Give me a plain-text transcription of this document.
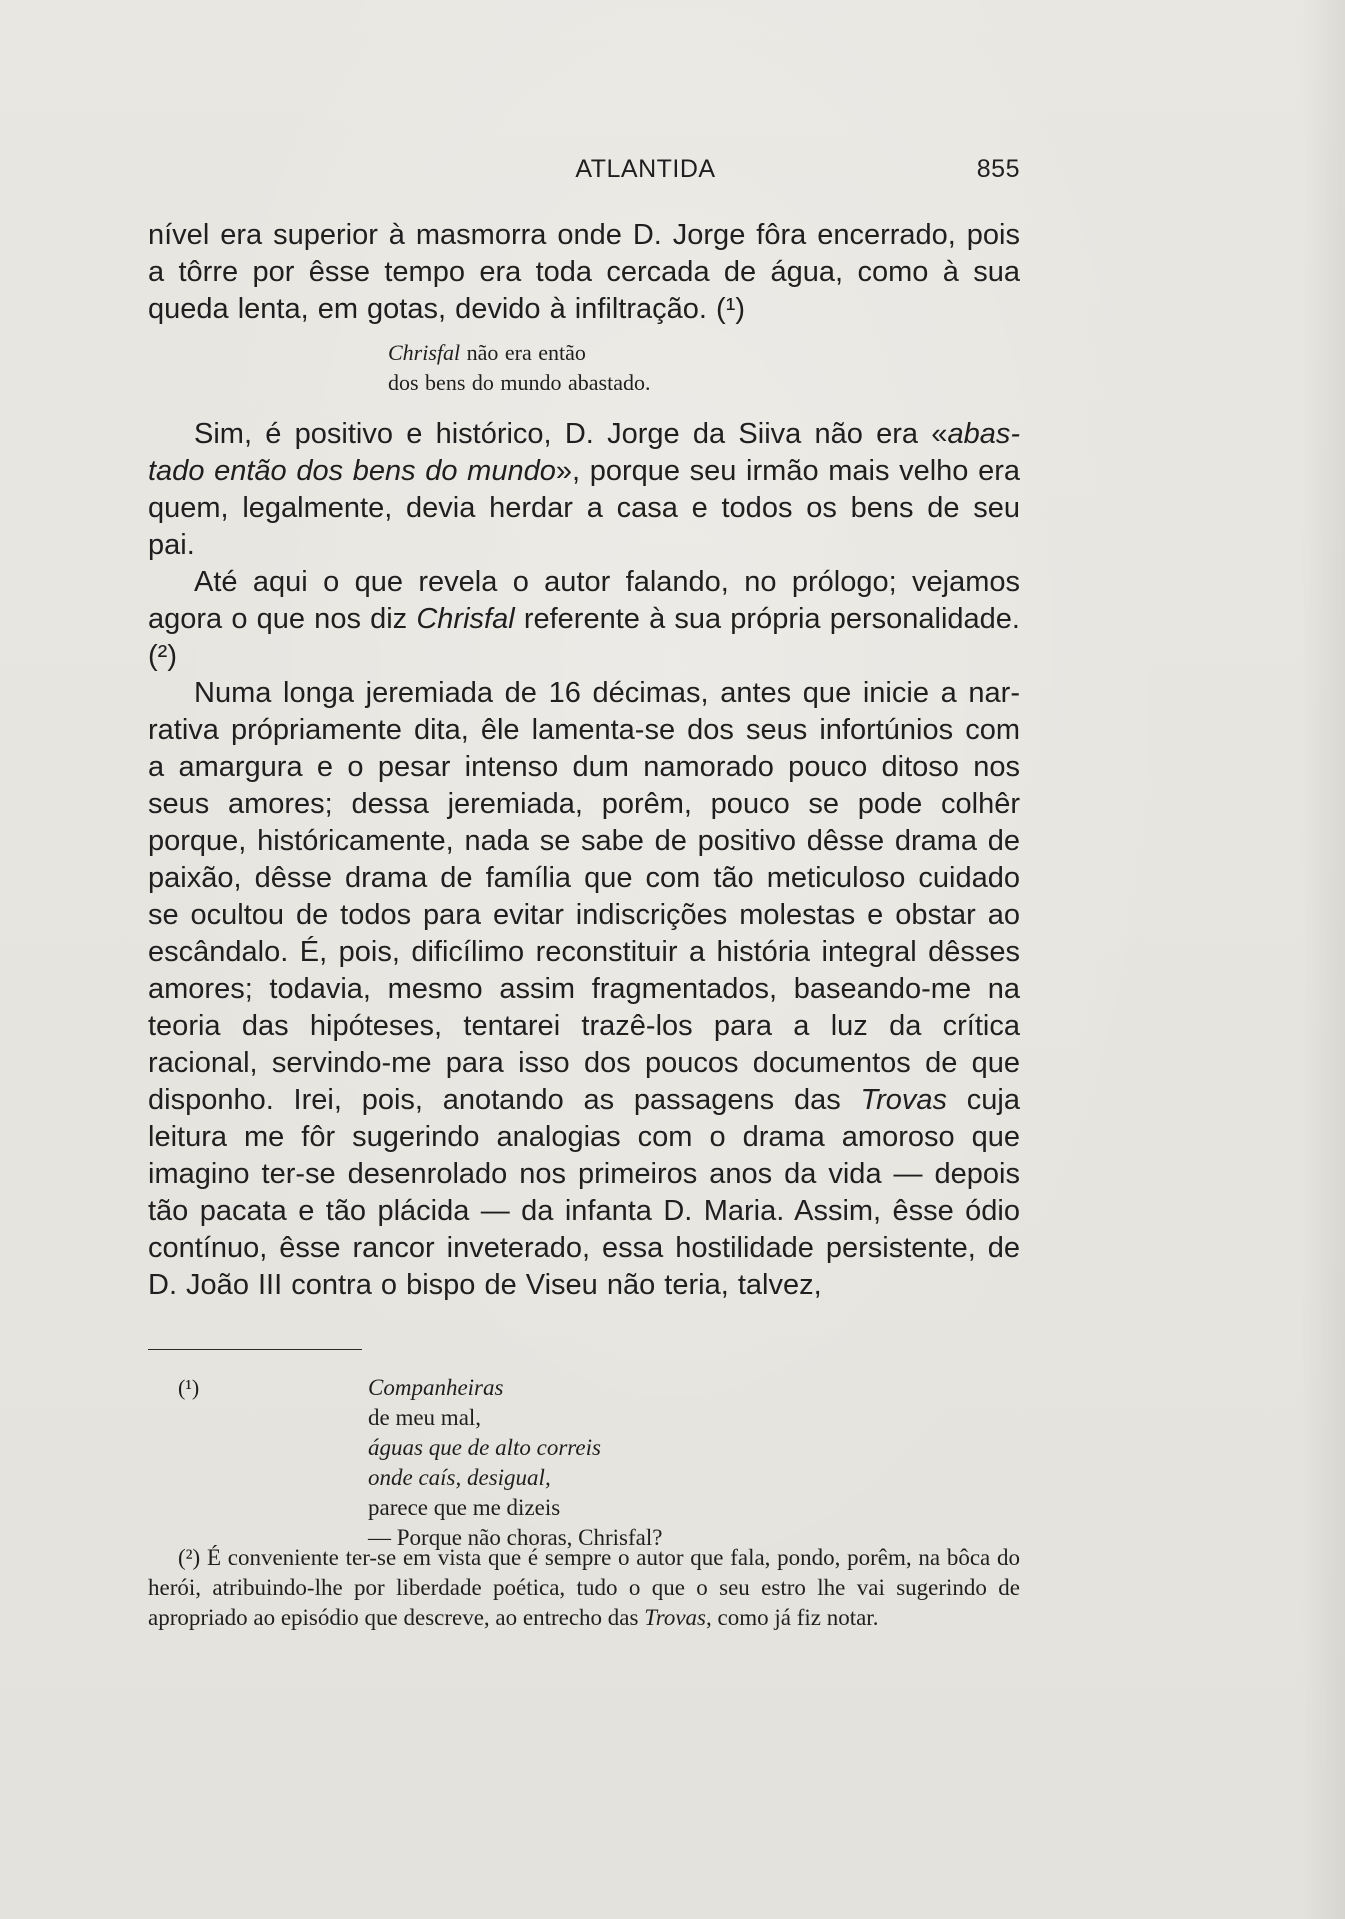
ATLANTIDA	855

nível era superior à masmorra onde D. Jorge fôra encerrado, pois a tôrre por êsse tempo era toda cercada de água, como à sua queda lenta, em gotas, devido à infiltração. (¹)

Chrisfal não era então
dos bens do mundo abastado.

Sim, é positivo e histórico, D. Jorge da Siiva não era «abastado então dos bens do mundo», porque seu irmão mais velho era quem, legalmente, devia herdar a casa e todos os bens de seu pai.

Até aqui o que revela o autor falando, no prólogo; vejamos agora o que nos diz Chrisfal referente à sua própria personalidade. (²)

Numa longa jeremiada de 16 décimas, antes que inicie a narrativa própriamente dita, êle lamenta-se dos seus infortúnios com a amargura e o pesar intenso dum namorado pouco ditoso nos seus amores; dessa jeremiada, porêm, pouco se pode colhêr porque, históricamente, nada se sabe de positivo dêsse drama de paixão, dêsse drama de família que com tão meticuloso cuidado se ocultou de todos para evitar indiscrições molestas e obstar ao escândalo. É, pois, dificílimo reconstituir a história integral dêsses amores; todavia, mesmo assim fragmentados, baseando-me na teoria das hipóteses, tentarei trazê-los para a luz da crítica racional, servindo-me para isso dos poucos documentos de que disponho. Irei, pois, anotando as passagens das Trovas cuja leitura me fôr sugerindo analogias com o drama amoroso que imagino ter-se desenrolado nos primeiros anos da vida — depois tão pacata e tão plácida — da infanta D. Maria. Assim, êsse ódio contínuo, êsse rancor inveterado, essa hostilidade persistente, de D. João III contra o bispo de Viseu não teria, talvez,

(¹)	Companheiras
de meu mal,
águas que de alto correis
onde caís, desigual,
parece que me dizeis
— Porque não choras, Chrisfal?

(²) É conveniente ter-se em vista que é sempre o autor que fala, pondo, porêm, na bôca do herói, atribuindo-lhe por liberdade poética, tudo o que o seu estro lhe vai sugerindo de apropriado ao episódio que descreve, ao entrecho das Trovas, como já fiz notar.
